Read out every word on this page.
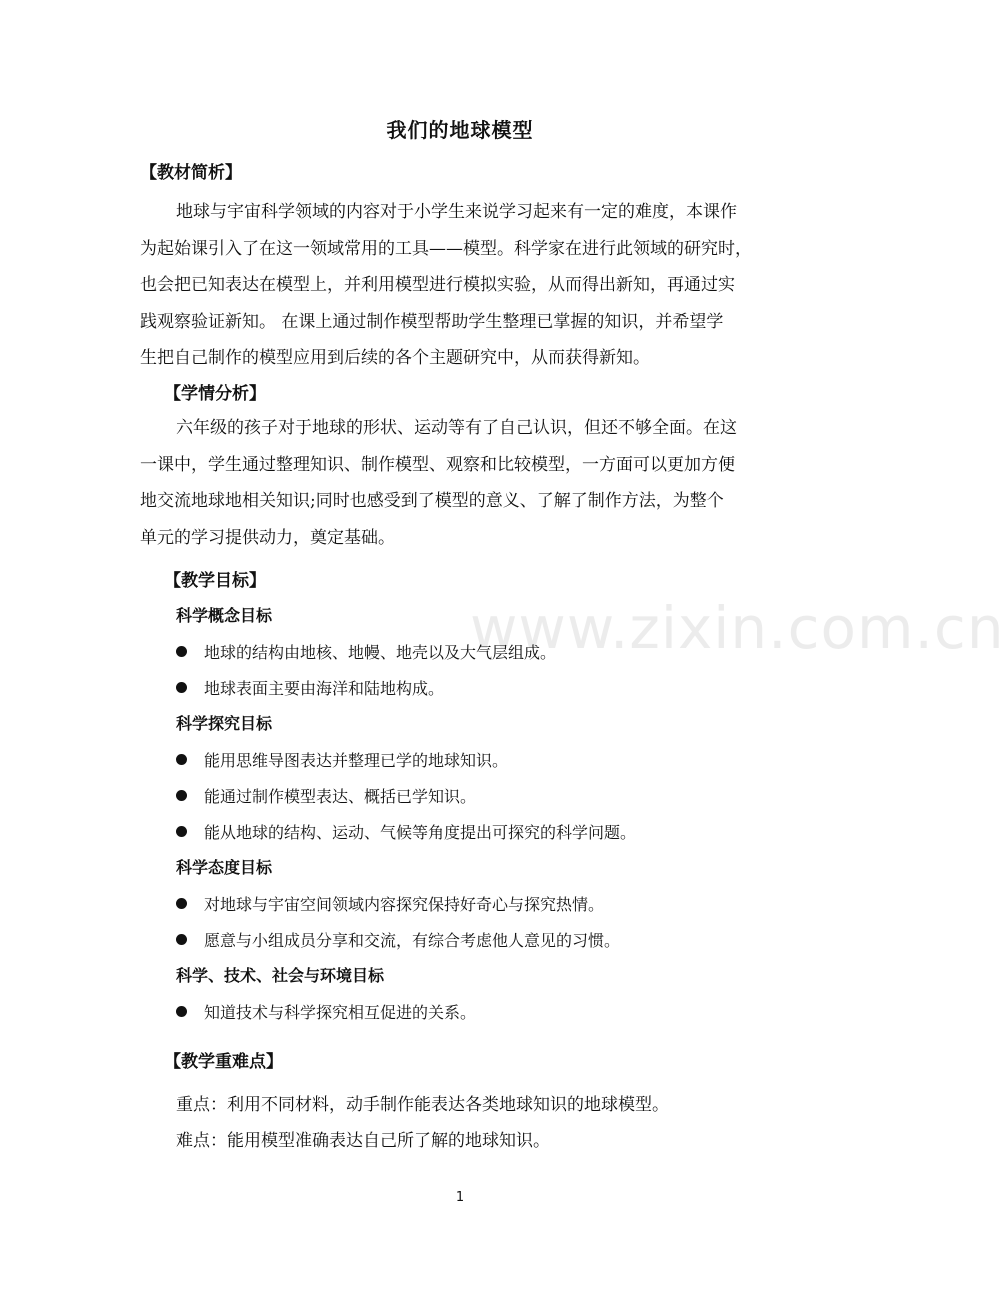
www.zixin.com.cn
我们的地球模型
【教材简析】
地球与宇宙科学领域的内容对于小学生来说学习起来有一定的难度，本课作
为起始课引入了在这一领域常用的工具——模型。科学家在进行此领域的研究时，
也会把已知表达在模型上，并利用模型进行模拟实验，从而得出新知，再通过实
践观察验证新知。 在课上通过制作模型帮助学生整理已掌握的知识，并希望学
生把自己制作的模型应用到后续的各个主题研究中，从而获得新知。
【学情分析】
六年级的孩子对于地球的形状、运动等有了自己认识，但还不够全面。在这
一课中，学生通过整理知识、制作模型、观察和比较模型，一方面可以更加方便
地交流地球地相关知识;同时也感受到了模型的意义、了解了制作方法，为整个
单元的学习提供动力，奠定基础。
【教学目标】
科学概念目标
地球的结构由地核、地幔、地壳以及大气层组成。
地球表面主要由海洋和陆地构成。
科学探究目标
能用思维导图表达并整理已学的地球知识。
能通过制作模型表达、概括已学知识。
能从地球的结构、运动、气候等角度提出可探究的科学问题。
科学态度目标
对地球与宇宙空间领域内容探究保持好奇心与探究热情。
愿意与小组成员分享和交流，有综合考虑他人意见的习惯。
科学、技术、社会与环境目标
知道技术与科学探究相互促进的关系。
【教学重难点】
重点：利用不同材料，动手制作能表达各类地球知识的地球模型。
难点：能用模型准确表达自己所了解的地球知识。
1
